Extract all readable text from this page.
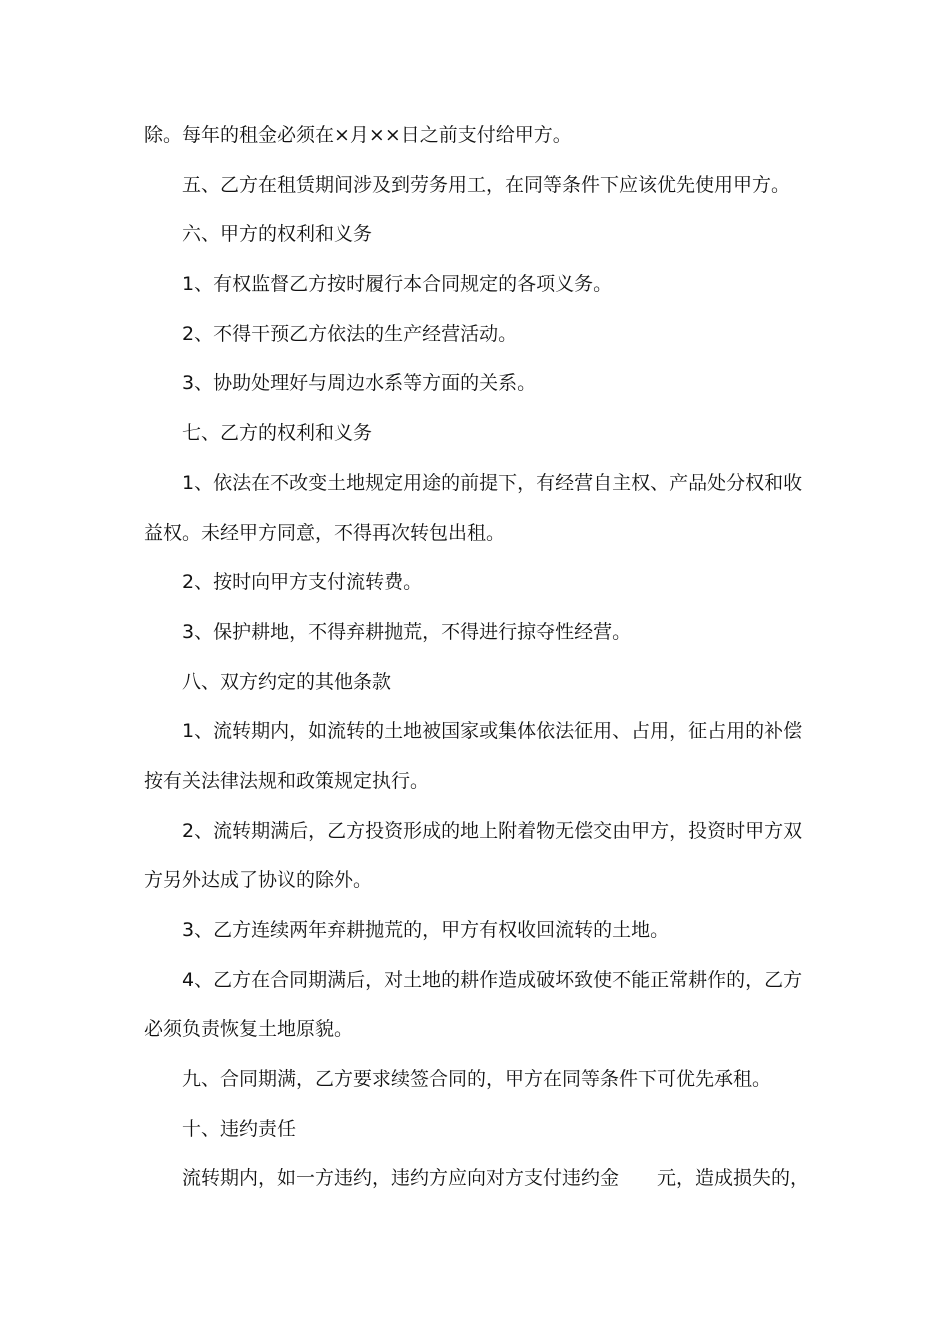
除。每年的租金必须在×月××日之前支付给甲方。

五、乙方在租赁期间涉及到劳务用工，在同等条件下应该优先使用甲方。

六、甲方的权利和义务

1、有权监督乙方按时履行本合同规定的各项义务。

2、不得干预乙方依法的生产经营活动。

3、协助处理好与周边水系等方面的关系。

七、乙方的权利和义务

1、依法在不改变土地规定用途的前提下，有经营自主权、产品处分权和收

益权。未经甲方同意，不得再次转包出租。

2、按时向甲方支付流转费。

3、保护耕地，不得弃耕抛荒，不得进行掠夺性经营。

八、双方约定的其他条款

1、流转期内，如流转的土地被国家或集体依法征用、占用，征占用的补偿

按有关法律法规和政策规定执行。

2、流转期满后，乙方投资形成的地上附着物无偿交由甲方，投资时甲方双

方另外达成了协议的除外。

3、乙方连续两年弃耕抛荒的，甲方有权收回流转的土地。

4、乙方在合同期满后，对土地的耕作造成破坏致使不能正常耕作的，乙方

必须负责恢复土地原貌。

九、合同期满，乙方要求续签合同的，甲方在同等条件下可优先承租。

十、违约责任

流转期内，如一方违约，违约方应向对方支付违约金　　元，造成损失的，
